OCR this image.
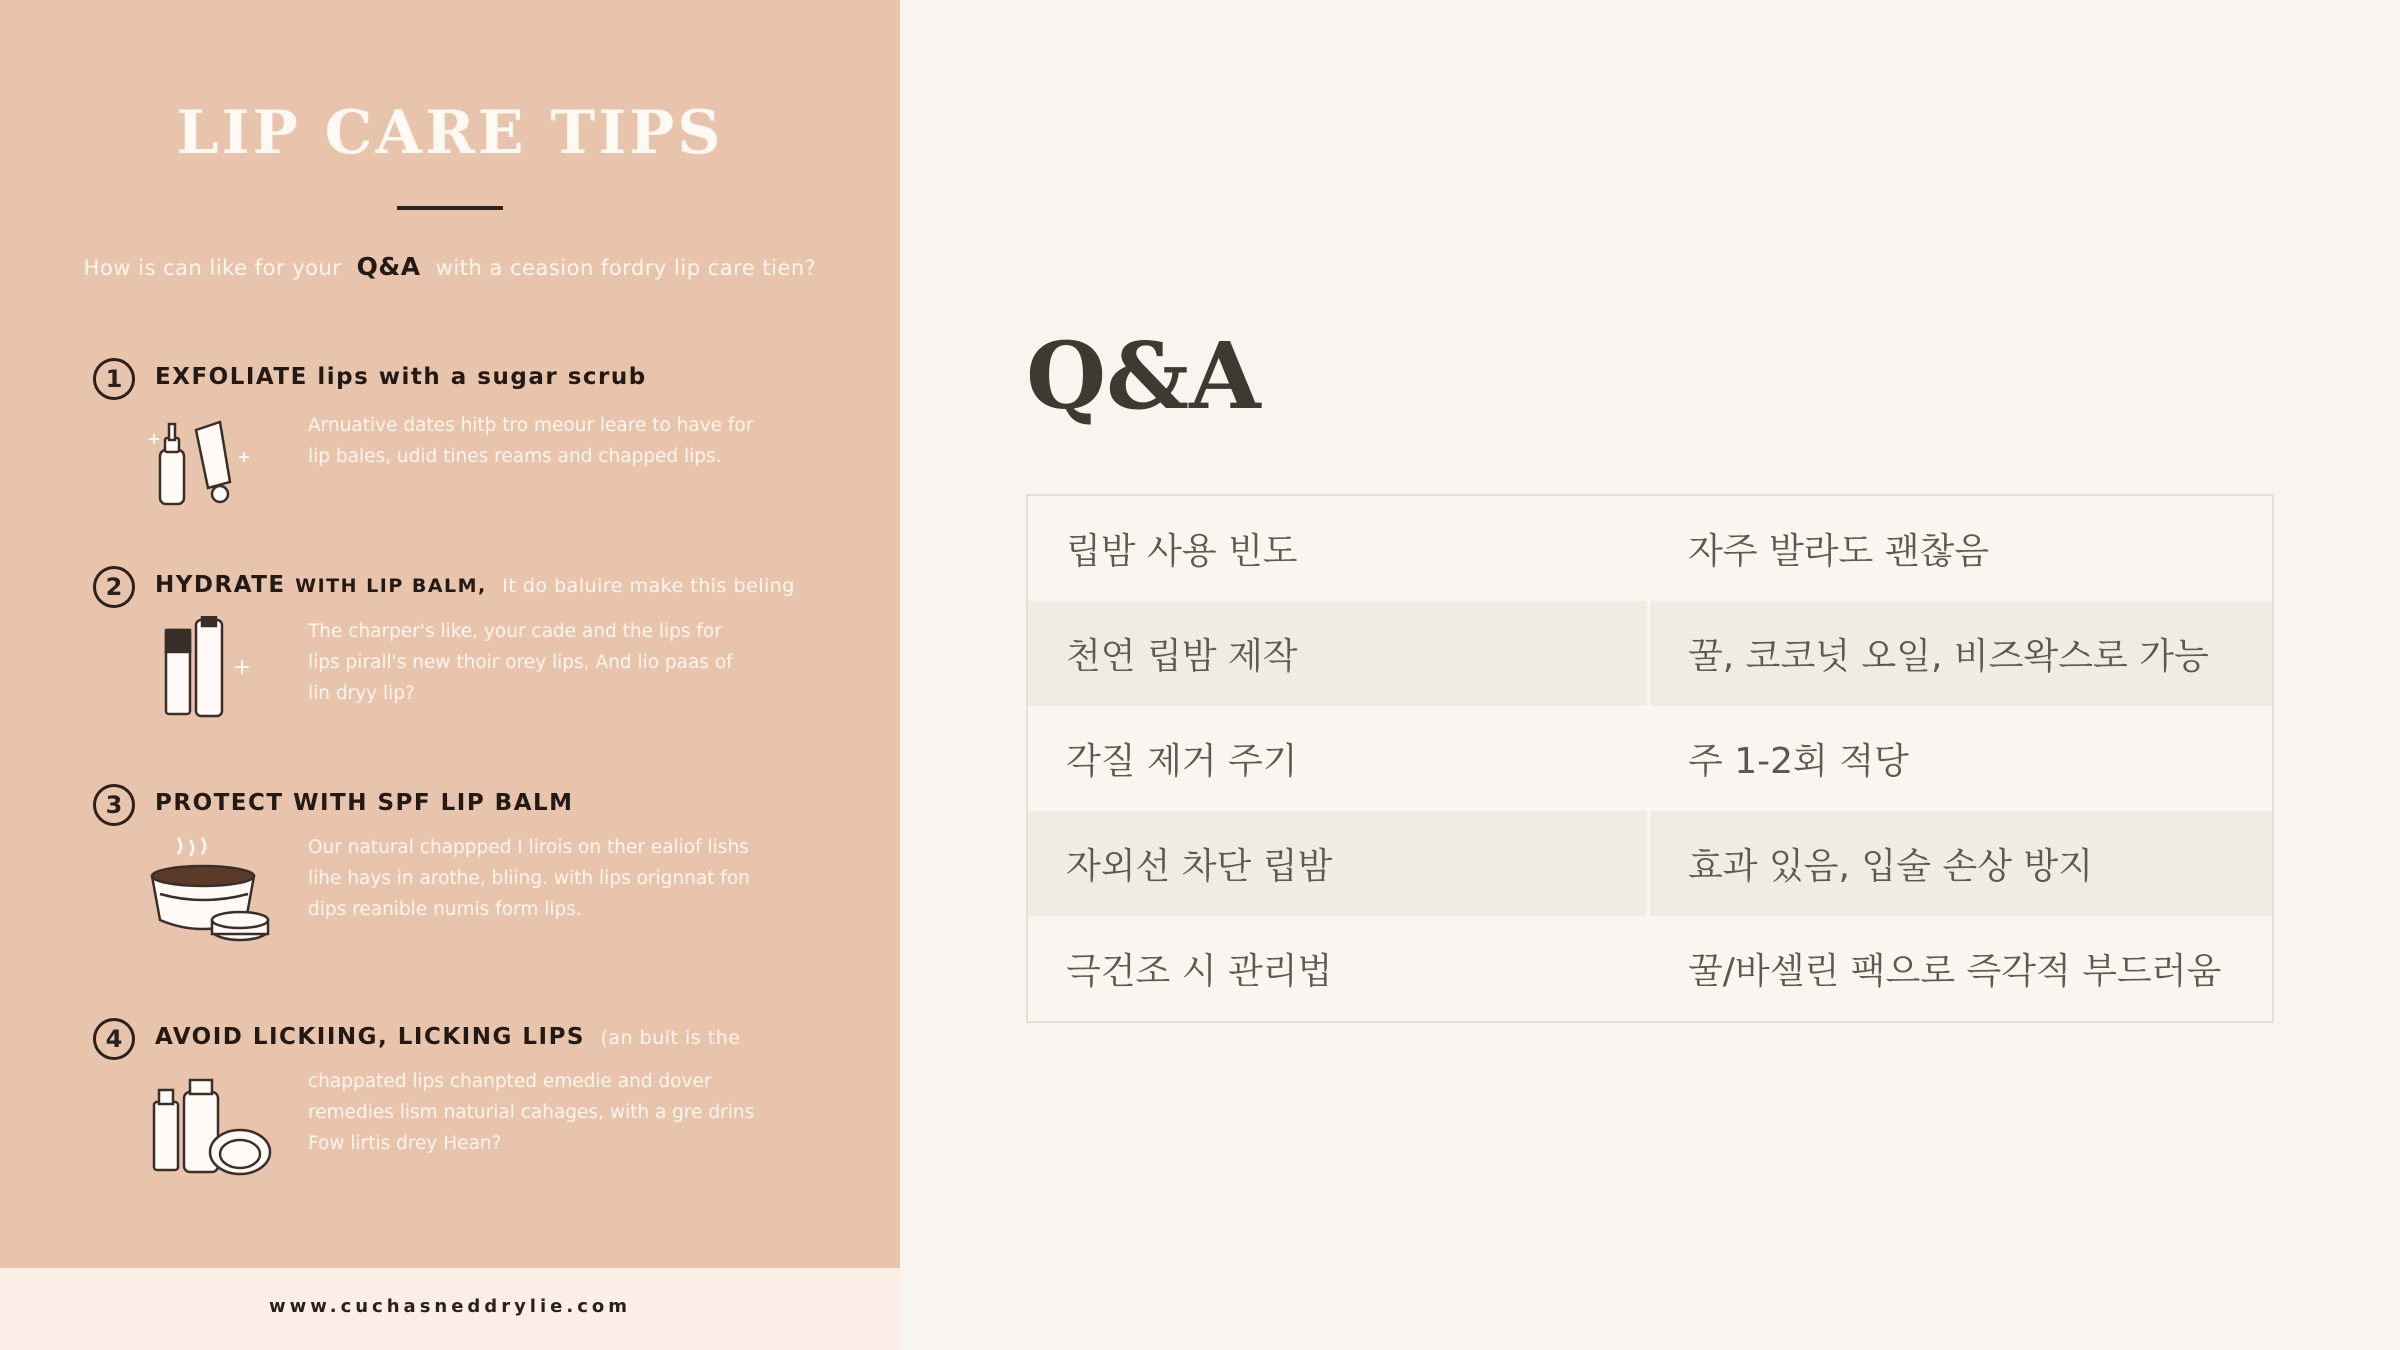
LIP CARE TIPS
How is can like for your Q&A with a ceasion fordry lip care tien?
1	EXFOLIATE lips with a sugar scrub
Arnuative dates hitþ tro meour leare to have for
lip bales, udid tines reams and chapped lips.
2	HYDRATE WITH LIP BALM, It do baluire make this beling
The charper's like, your cade and the lips for
lips pirall's new thoir orey lips, And lio paas of
lin dryy lip?
3	PROTECT WITH SPF LIP BALM
Our natural chappped I lirois on ther ealiof lishs
lihe hays in arothe, bliing. with lips orignnat fon
dips reanible numis form lips.
4	AVOID LICKIING, LICKING LIPS (an bult is the
chappated lips chanpted emedie and dover
remedies lism naturial cahages, with a gre drins
Fow lirtis drey Hean?
www.cuchasneddrylie.com
Q&A
립밤 사용 빈도	자주 발라도 괜찮음
천연 립밤 제작	꿀, 코코넛 오일, 비즈왁스로 가능
각질 제거 주기	주 1-2회 적당
자외선 차단 립밤	효과 있음, 입술 손상 방지
극건조 시 관리법	꿀/바셀린 팩으로 즉각적 부드러움
